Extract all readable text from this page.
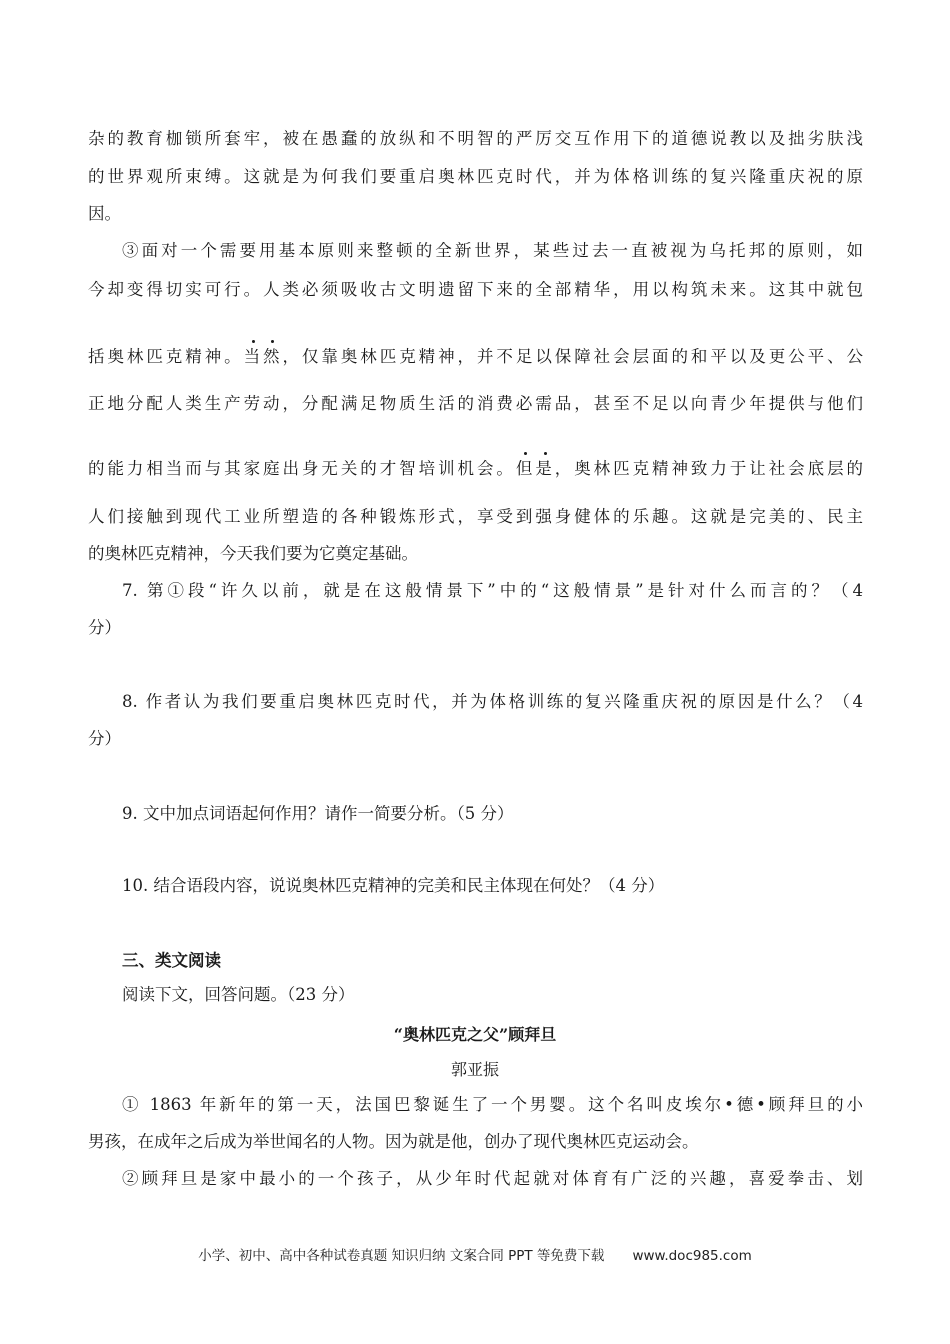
杂的教育枷锁所套牢，被在愚蠢的放纵和不明智的严厉交互作用下的道德说教以及拙劣肤浅
的世界观所束缚。这就是为何我们要重启奥林匹克时代，并为体格训练的复兴隆重庆祝的原
因。
③面对一个需要用基本原则来整顿的全新世界，某些过去一直被视为乌托邦的原则，如
今却变得切实可行。人类必须吸收古文明遗留下来的全部精华，用以构筑未来。这其中就包
括奥林匹克精神。当然，仅靠奥林匹克精神，并不足以保障社会层面的和平以及更公平、公
正地分配人类生产劳动，分配满足物质生活的消费必需品，甚至不足以向青少年提供与他们
的能力相当而与其家庭出身无关的才智培训机会。但是，奥林匹克精神致力于让社会底层的
人们接触到现代工业所塑造的各种锻炼形式，享受到强身健体的乐趣。这就是完美的、民主
的奥林匹克精神，今天我们要为它奠定基础。
7. 第①段“许久以前，就是在这般情景下”中的“这般情景”是针对什么而言的？（4
分）
8. 作者认为我们要重启奥林匹克时代，并为体格训练的复兴隆重庆祝的原因是什么？（4
分）
9. 文中加点词语起何作用？请作一简要分析。（5 分）
10. 结合语段内容，说说奥林匹克精神的完美和民主体现在何处？（4 分）
三、类文阅读
阅读下文，回答问题。（23 分）
“奥林匹克之父”顾拜旦
郭亚振
① 1863 年新年的第一天，法国巴黎诞生了一个男婴。这个名叫皮埃尔•德•顾拜旦的小
男孩，在成年之后成为举世闻名的人物。因为就是他，创办了现代奥林匹克运动会。
②顾拜旦是家中最小的一个孩子，从少年时代起就对体育有广泛的兴趣，喜爱拳击、划
小学、初中、高中各种试卷真题 知识归纳 文案合同 PPT 等免费下载 www.doc985.com
